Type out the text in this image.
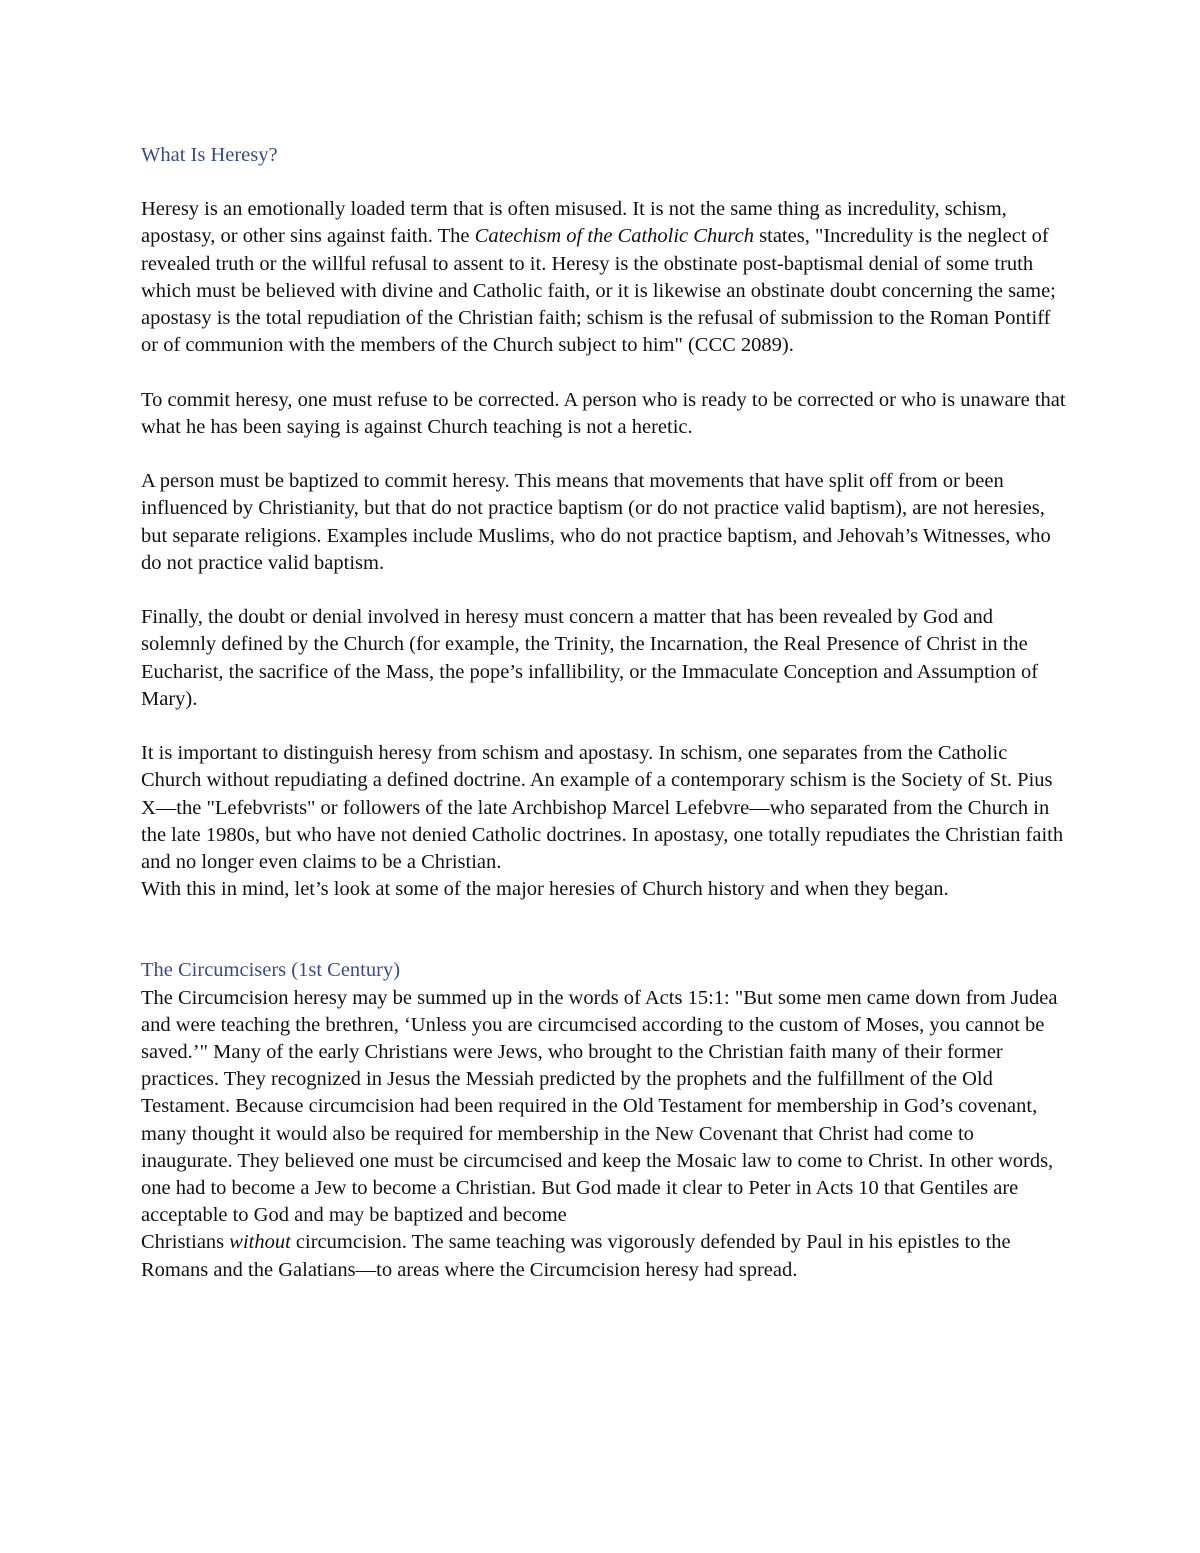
What Is Heresy?

Heresy is an emotionally loaded term that is often misused. It is not the same thing as incredulity, schism, apostasy, or other sins against faith. The Catechism of the Catholic Church states, "Incredulity is the neglect of revealed truth or the willful refusal to assent to it. Heresy is the obstinate post-baptismal denial of some truth which must be believed with divine and Catholic faith, or it is likewise an obstinate doubt concerning the same; apostasy is the total repudiation of the Christian faith; schism is the refusal of submission to the Roman Pontiff or of communion with the members of the Church subject to him" (CCC 2089).

To commit heresy, one must refuse to be corrected. A person who is ready to be corrected or who is unaware that what he has been saying is against Church teaching is not a heretic.

A person must be baptized to commit heresy. This means that movements that have split off from or been influenced by Christianity, but that do not practice baptism (or do not practice valid baptism), are not heresies, but separate religions. Examples include Muslims, who do not practice baptism, and Jehovah’s Witnesses, who do not practice valid baptism.

Finally, the doubt or denial involved in heresy must concern a matter that has been revealed by God and solemnly defined by the Church (for example, the Trinity, the Incarnation, the Real Presence of Christ in the Eucharist, the sacrifice of the Mass, the pope’s infallibility, or the Immaculate Conception and Assumption of Mary).

It is important to distinguish heresy from schism and apostasy. In schism, one separates from the Catholic Church without repudiating a defined doctrine. An example of a contemporary schism is the Society of St. Pius X—the "Lefebvrists" or followers of the late Archbishop Marcel Lefebvre—who separated from the Church in the late 1980s, but who have not denied Catholic doctrines. In apostasy, one totally repudiates the Christian faith and no longer even claims to be a Christian.

With this in mind, let’s look at some of the major heresies of Church history and when they began.

The Circumcisers (1st Century)

The Circumcision heresy may be summed up in the words of Acts 15:1: "But some men came down from Judea and were teaching the brethren, ‘Unless you are circumcised according to the custom of Moses, you cannot be saved.’" Many of the early Christians were Jews, who brought to the Christian faith many of their former practices. They recognized in Jesus the Messiah predicted by the prophets and the fulfillment of the Old Testament. Because circumcision had been required in the Old Testament for membership in God’s covenant, many thought it would also be required for membership in the New Covenant that Christ had come to inaugurate. They believed one must be circumcised and keep the Mosaic law to come to Christ. In other words, one had to become a Jew to become a Christian. But God made it clear to Peter in Acts 10 that Gentiles are acceptable to God and may be baptized and become

Christians without circumcision. The same teaching was vigorously defended by Paul in his epistles to the Romans and the Galatians—to areas where the Circumcision heresy had spread.
